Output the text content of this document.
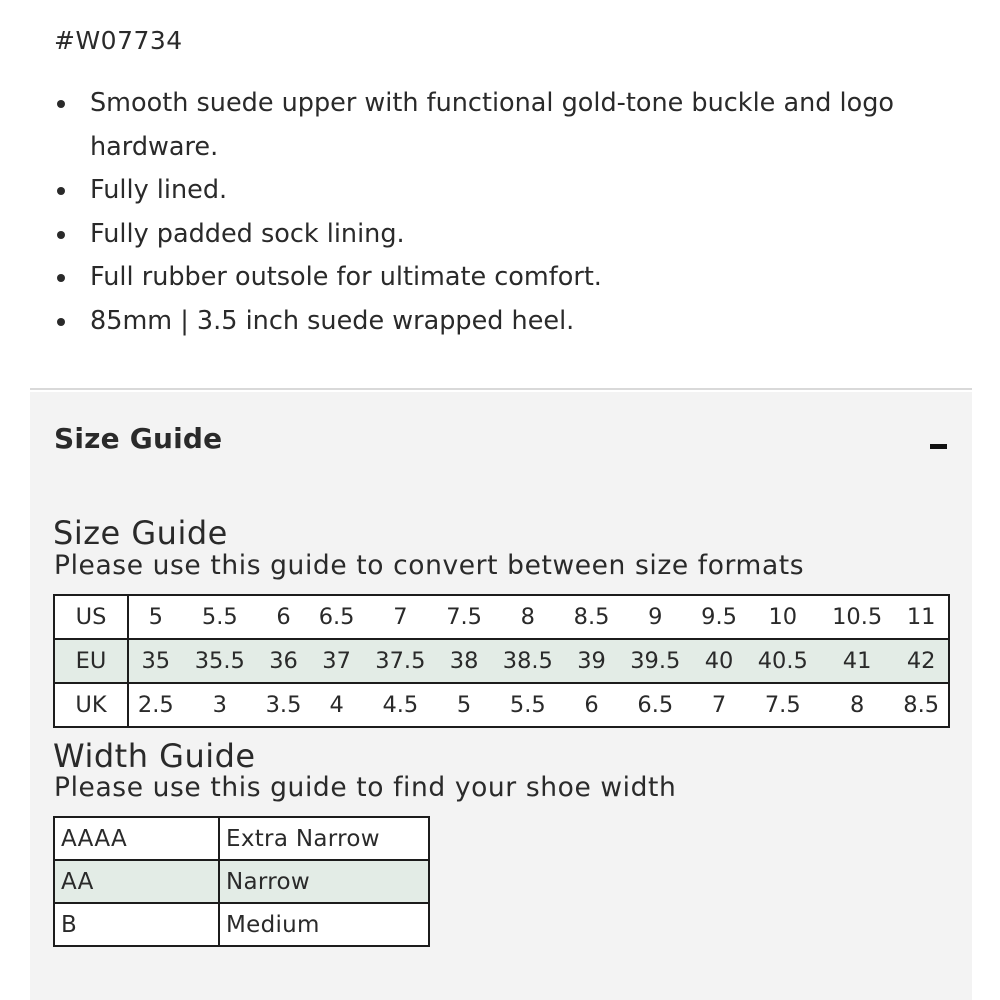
#W07734
Smooth suede upper with functional gold-tone buckle and logo hardware.
Fully lined.
Fully padded sock lining.
Full rubber outsole for ultimate comfort.
85mm | 3.5 inch suede wrapped heel.
Size Guide
Size Guide
Please use this guide to convert between size formats
US	5	5.5	6	6.5	7	7.5	8	8.5	9	9.5	10	10.5	11
EU	35	35.5	36	37	37.5	38	38.5	39	39.5	40	40.5	41	42
UK	2.5	3	3.5	4	4.5	5	5.5	6	6.5	7	7.5	8	8.5
Width Guide
Please use this guide to find your shoe width
AAAA	Extra Narrow
AA	Narrow
B	Medium
